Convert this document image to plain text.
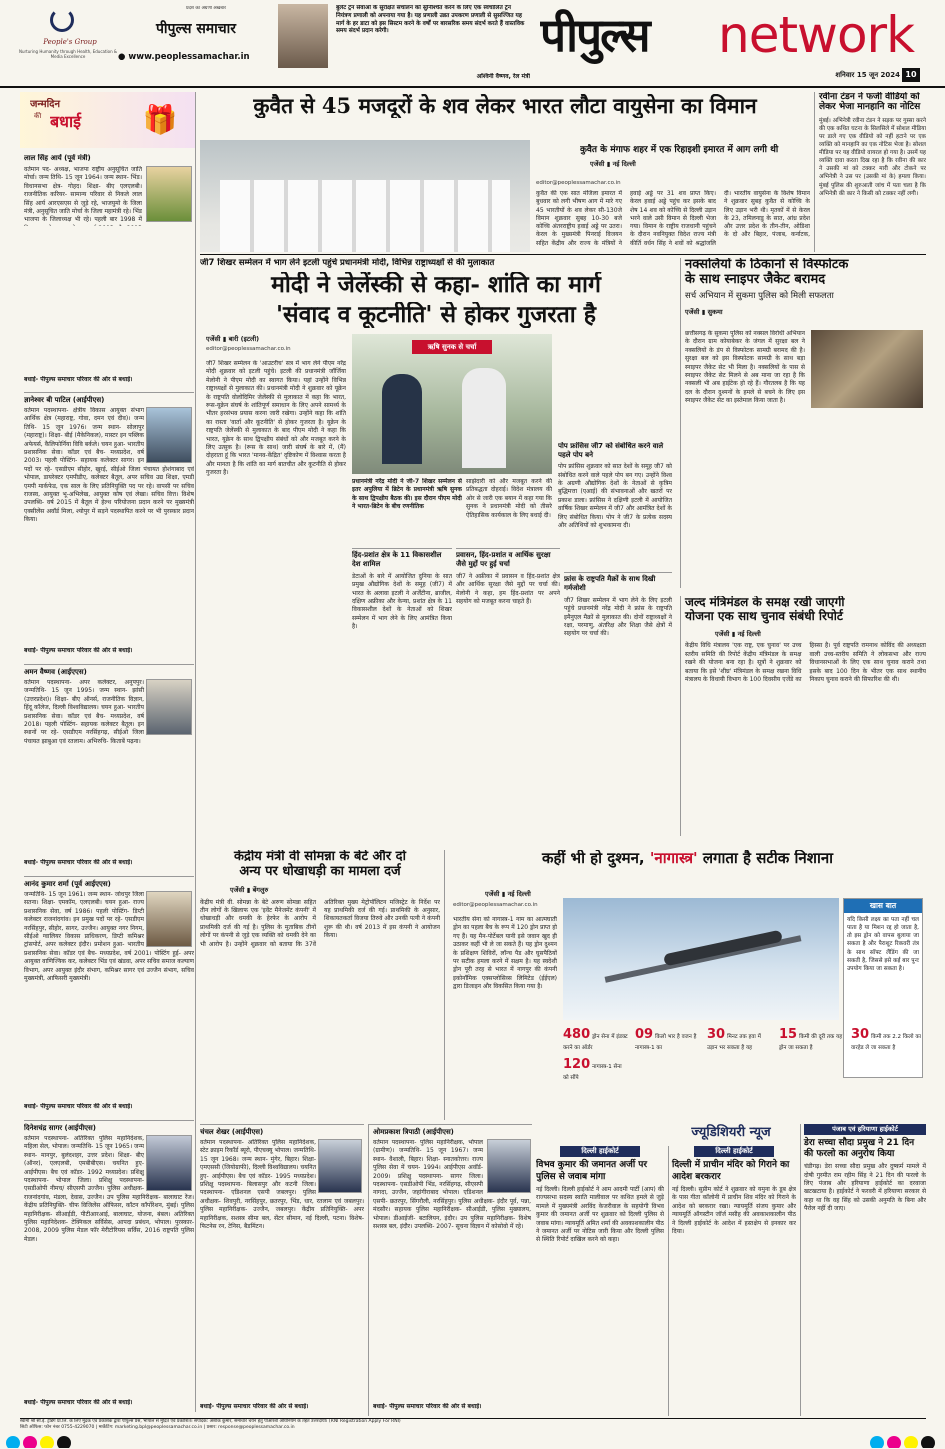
People's Group
Nurturing Humanity through Health, Education & Media Excellence
प्रदेश का अग्रणी अखबार
पीपुल्स समाचार
● www.peoplessamachar.in
बुलेट ट्रेन सेवाओं के सुरक्षित संचालन को सुनिश्चित करने के लिए एक स्वचालित ट्रेन नियंत्रण प्रणाली को अपनाया गया है। यह प्रणाली उन्नत उपकरण प्रणाली से सुसज्जित यह मार्ग के हर डाटा को इस सिस्टम करने के वर्षों पर बारसरिक समय संदर्भ करते हैं वास्तविक समय संदर्भ प्रदान करेगी।
अश्विनी वैष्णव, रेल मंत्री
पीपुल्स	network
शनिवार 15 जून 2024 10
जन्मदिन
की बधाई	🎁
लाल सिंह आर्य (पूर्व मंत्री)
वर्तमान पद- अध्यक्ष, भाजपा राष्ट्रीय अनुसूचित जाति मोर्चा। जन्म तिथि- 15 जून 1964। जन्म स्थान- भिंड। विधानसभा क्षेत्र- गोहद। शिक्षा- बीए एलएलबी। राजनीतिक करियर- सामान्य परिवार से निकले लाल सिंह आर्य आरएसएस से जुड़े रहे, भाजयुमो के जिला मंत्री, अनुसूचित जाति मोर्चा के जिला महामंत्री रहे। भिंड भाजपा के जिलाध्यक्ष भी रहे। पहली बार 1998 में
बधाई- पीपुल्स समाचार परिवार की ओर से बधाई।
ज्ञानेश्वर बी पाटिल (आईपीएस)
वर्तमान पदस्थापना- क्षेत्रीय विकास आयुक्त संभाग आर्थिक क्षेत्र (महाराष्ट्र, गोवा, दमन एवं दीव)। जन्म तिथि- 15 जून 1976। जन्म स्थान- सोलापुर (महाराष्ट्र)। शिक्षा- बीई (मैकेनिकल), मास्टर इन पब्लिक अफेयर्स, कैलिफोर्निया विवि बर्कले। चयन हुआ- भारतीय प्रशासनिक सेवा। कॉडर एवं बैच- मध्यप्रदेश, वर्ष 2003। पहली पोस्टिंग- सहायक कलेक्टर सागर। इन पदों पर रहे- एसडीएम सीहोर, खुरई, सीईओ जिला पंचायत होशंगाबाद एवं भोपाल, डायरेक्टर एमपीडीए, कलेक्टर बैतूल, अपर सचिव उद्य शिक्षा, एमडी एमपी मार्कफेड, एक साल के लिए प्रतिनियुक्ति पद पर रहे। वापसी पर सचिव राजस्व, आयुक्त भू-अभिलेख, आयुक्त कोष एवं लेखा। सचिव वित्त। विशेष उपलब्धि- वर्ष 2015 में बैतूल में हेल्थ परियोजना प्रदान करने पर मुख्यमंत्री एक्सीलेंस अवॉर्ड मिला, श्योपुर में सड़ने पदस्थापित करने पर भी पुरस्कार प्रदान किया।
बधाई- पीपुल्स समाचार परिवार की ओर से बधाई।
अमन वैष्णव (आईएएस)
वर्तमान पदस्थापना- अपर कलेक्टर, अनूपपुर। जन्मतिथि- 15 जून 1995। जन्म स्थान- झांसी (उत्तरप्रदेश)। शिक्षा- बीए ऑनर्स, राजनीतिक विज्ञान, हिंदू कॉलेज, दिल्ली विश्वविद्यालय। चयन हुआ- भारतीय प्रशासनिक सेवा। कॉडर एवं बैच- मध्यप्रदेश, वर्ष 2018। पहली पोस्टिंग- सहायक कलेक्टर बैतूल। इन स्थानों पर रहे- एसडीएम नरसिंहगढ़, सीईओ जिला पंचायत झाबुआ एवं रतलाम। अभिरुचि- किताबें पढ़ना।
बधाई- पीपुल्स समाचार परिवार की ओर से बधाई।
आनंद कुमार शर्मा (पूर्व आईएएस)
जन्मतिथि- 15 जून 1961। जन्म स्थान- जोधपुर जिला सतना। शिक्षा- एमकॉम, एलएलबी। चयन हुआ- राज्य प्रशासनिक सेवा, वर्ष 1986। पहली पोस्टिंग- डिप्टी कलेक्टर राजनांदगांव। इन प्रमुख पदों पर रहे- एसडीएम नरसिंहपुर, सीहोर, सागर, उज्जैन। आयुक्त नगर निगम, सीईओ ग्वालियर विकास प्राधिकरण, डिप्टी कमिश्नर ट्रांसपोर्ट, अपर कलेक्टर इंदौर। प्रमोशन हुआ- भारतीय प्रशासनिक सेवा। कॉडर एवं बैच- मध्यप्रदेश, वर्ष 2001। पोस्टिंग हुई- अपर आयुक्त वाणिज्यिक कर, कलेक्टर भिंड एवं खंडवा, अपर सचिव समाज कल्याण विभाग, अपर आयुक्त इंदौर संभाग, कमिश्नर सागर एवं उज्जैन संभाग, सचिव मुख्यमंत्री, आफिसरी मुख्यमंत्री।
बधाई- पीपुल्स समाचार परिवार की ओर से बधाई।
दिनेशचंद्र सागर (आईपीएस)
वर्तमान पदस्थापना- अतिरिक्त पुलिस महानिदेशक, महिला सेल, भोपाल। जन्मतिथि- 15 जून 1965। जन्म स्थान- मानपुर, बुलंदशहर, उत्तर प्रदेश। शिक्षा- बीए (ऑनर), एलएलबी, एमबीबीएस। चयनित हुए- आईपीएस। बैच एवं कॉडर- 1992 मध्यप्रदेश। प्रशिक्षु पदस्थापना- भोपाल जिला। प्रशिक्षु पदस्थापना- एसडीओपी नीमच/ सीएसपी उज्जैन। पुलिस अधीक्षक- राजनांदगांव, मंडला, देवास, उज्जैन। उप पुलिस महानिरीक्षक- बालाघाट रेंज। केंद्रीय प्रतिनियुक्ति- चीफ विजिलेंस ऑफिसर, कॉटन कॉर्पोरेशन, मुंबई। पुलिस महानिरीक्षक- सीआईडी, पीटीआरआई, बालाघाट, योजना, बंबल। अतिरिक्त पुलिस महानिदेशक- टेक्निकल सर्विसेस, आपदा प्रबंधन, भोपाल। पुरस्कार- 2008, 2009 पुलिस मेडल फॉर मेरीटोरियस सर्विस, 2016 राष्ट्रपति पुलिस मेडल।
बधाई- पीपुल्स समाचार परिवार की ओर से बधाई।
कुवैत से 45 मजदूरों के शव लेकर भारत लौटा वायुसेना का विमान
कुवैत के मंगाफ शहर में एक रिहाइशी इमारत में आग लगी थी
एजेंसी ▮ नई दिल्ली
editor@peoplessamachar.co.in
कुवैत की एक सात मंजिला इमारत में बुधवार को लगी भीषण आग में मारे गए 45 भारतीयों के शव लेकर सी-130जे विमान शुक्रवार सुबह 10-30 बजे कोच्चि अंतरराष्ट्रीय हवाई अड्डे पर उतरा। केरल के मुख्यमंत्री पिनराई विजयन सहित केंद्रीय और राज्य के मंत्रियों ने हवाई अड्डे पर 31 शव प्राप्त किए। केरल हवाई अड्डे पहुंच कर इसके बाद शेष 14 शव को कोच्चि से दिल्ली उड़ान भरने वाले उसी विमान से दिल्ली भेजा गया। विमान के राष्ट्रीय राजधानी पहुंचने के दौरान नवनियुक्त विदेश राज्य मंत्री कीर्ति वर्धन सिंह ने शवों को श्रद्धांजलि दी। भारतीय वायुसेना के विशेष विमान ने शुक्रवार सुबह कुवैत से कोच्चि के लिए उड़ान भरी थी। मृतकों में से केरल के 23, तमिलनाडु के सात, आंध्र प्रदेश और उत्तर प्रदेश के तीन-तीन, ओडिशा के दो और बिहार, पंजाब, कर्नाटक,
रवीना टंडन ने फर्जी वीडियो को लेकर भेजा मानहानि का नोटिस
मुंबई। अभिनेत्री रवीना टंडन ने सड़क पर गुस्सा करने की एक कथित घटना के सिलसिले में सोशल मीडिया पर डाले गए एक वीडियो को नहीं हटाने पर एक व्यक्ति को मानहानि का एक नोटिस भेजा है। सोशल मीडिया पर यह वीडियो वायरल हो गया है। उसमें यह व्यक्ति दावा करता दिख रहा है कि रवीना की कार ने उसकी मां को टक्कर मारी और टोकने पर अभिनेत्री ने उस पर (उसकी मां के) हमला किया। मुंबई पुलिस की शुरुआती जांच में पता चला है कि अभिनेत्री की कार ने किसी को टक्कर नहीं लगी।
जी7 शिखर सम्मेलन में भाग लेने इटली पहुंचे प्रधानमंत्री मोदी, विभिन्न राष्ट्राध्यक्षों से की मुलाकात
मोदी ने जेलेंस्की से कहा- शांति का मार्ग
'संवाद व कूटनीति' से होकर गुजरता है
एजेंसी ▮ बारी (इटली)
editor@peoplessamachar.co.in
जी7 शिखर सम्मेलन के 'आउटरीच' सत्र में भाग लेने पीएम नरेंद्र मोदी शुक्रवार को इटली पहुंचे। इटली की प्रधानमंत्री जॉर्जिया मेलोनी ने पीएम मोदी का स्वागत किया। यहां उन्होंने विभिन्न राष्ट्राध्यक्षों से मुलाकात की। प्रधानमंत्री मोदी ने शुक्रवार को यूक्रेन के राष्ट्रपति वोलोदिमिर जेलेंस्की से मुलाकात में कहा कि भारत, रूस-यूक्रेन संघर्ष के शांतिपूर्ण समाधान के लिए अपने सामर्थ्य के भीतर हरसंभव प्रयास करना जारी रखेगा। उन्होंने कहा कि शांति का रास्ता 'वार्ता और कूटनीति' से होकर गुजरता है। यूक्रेन के राष्ट्रपति जेलेंस्की से मुलाकात के बाद पीएम मोदी ने कहा कि भारत, यूक्रेन के साथ द्विपक्षीय संबंधों को और मजबूत करने के लिए उत्सुक है। (रूस के साथ) जारी संघर्ष के बारे में, (मैं) दोहराता हूं कि भारत 'मानव-केंद्रित' दृष्टिकोण में विश्वास करता है और मानता है कि शांति का मार्ग बातचीत और कूटनीति से होकर गुजरता है।
ऋषि सुनक से चर्चा
प्रधानमंत्री नरेंद्र मोदी ने जी-7 शिखर सम्मेलन से इतर अपुलिया में ब्रिटेन के प्रधानमंत्री ऋषि सुनक के साथ द्विपक्षीय बैठक की। इस दौरान पीएम मोदी ने भारत-ब्रिटेन के बीच रणनीतिक
साझेदारी को और मजबूत करने की प्रतिबद्धता दोहराई। विदेश मंत्रालय की ओर से जारी एक बयान में कहा गया कि सुनक ने प्रधानमंत्री मोदी को तीसरे ऐतिहासिक कार्यकाल के लिए बधाई दी।
पोप फ्रांसिस जी7 को संबोधित करने वाले पहले पोप बने
पोप फ्रांसिस शुक्रवार को सात देशों के समूह जी7 को संबोधित करने वाले पहले पोप बन गए। उन्होंने विश्व के अग्रणी औद्योगिक देशों के नेताओं से कृत्रिम बुद्धिमत्ता (एआई) की संभावनाओं और खतरों पर प्रकाश डाला। फ्रांसिस ने दक्षिणी इटली में आयोजित वार्षिक शिखर सम्मेलन में जी7 और आमंत्रित देशों के लिए संबोधित किया। पोप ने जी7 के प्रत्येक सदस्य और अतिथियों को शुभकामना दी।
हिंद-प्रशांत क्षेत्र के 11 विकासशील देश शामिल
डेटाओं के बारे में आयोजित दुनिया के सात प्रमुख औद्योगिक देशों के समूह (जी7) में भारत के अलावा इटली ने अर्जेंटीना, ब्राजील, दक्षिण अफ्रीका और केन्या, प्रशांत क्षेत्र के 11 विकासशील देशों के नेताओं को शिखर सम्मेलन में भाग लेने के लिए आमंत्रित किया है।
प्रवासन, हिंद-प्रशांत व आर्थिक सुरक्षा जैसे मुद्दों पर हुई चर्चा
जी7 ने अफ्रीका में प्रवासन व हिंद-प्रशांत क्षेत्र और आर्थिक सुरक्षा जैसे मुद्दों पर चर्चा की। मेलोनी ने कहा, हम हिंद-प्रशांत पर अपने सहयोग को मजबूत करना चाहते हैं।
फ्रांस के राष्ट्रपति मैक्रों के साथ दिखी गर्मजोशी
जी7 शिखर सम्मेलन में भाग लेने के लिए इटली पहुंचे प्रधानमंत्री नरेंद्र मोदी ने फ्रांस के राष्ट्रपति इमैनुएल मैक्रों से मुलाकात की। दोनों राष्ट्राध्यक्षों ने रक्षा, परमाणु, अंतरिक्ष और शिक्षा जैसे क्षेत्रों में सहयोग पर चर्चा की।
नक्सलियों के ठिकानों से विस्फोटक
के साथ स्नाइपर जैकेट बरामद
सर्च अभियान में सुकमा पुलिस को मिली सफलता
एजेंसी ▮ सुकमा
छत्तीसगढ़ के सुकमा पुलिस को नक्सल विरोधी अभियान के दौरान ग्राम कोयाबेकर के जंगल में सुरक्षा बल ने नक्सलियों के डंप से विस्फोटक सामग्री बरामद की है। सुरक्षा बल को इस विस्फोटक सामग्री के साथ बड़ा स्नाइपर जैकेट सेट भी मिला है। नक्सलियों के पास से स्नाइपर जैकेट सेट मिलने से अब माना जा रहा है कि नक्सली भी अब हाईटेक हो रहे हैं। गौरतलब है कि यह दल के दौरान दुश्मनों के हमले से बचने के लिए इस स्नाइपर जैकेट सेट का इस्तेमाल किया जाता है।
जल्द मंत्रिमंडल के समक्ष रखी जाएगी
योजना एक साथ चुनाव संबंधी रिपोर्ट
एजेंसी ▮ नई दिल्ली
केंद्रीय विधि मंत्रालय 'एक राष्ट्र, एक चुनाव' पर उच्च स्तरीय समिति की रिपोर्ट केंद्रीय मंत्रिमंडल के समक्ष रखने की योजना बना रहा है। सूत्रों ने शुक्रवार को बताया कि इसे 'शीघ्र' मंत्रिमंडल के समक्ष रखना विधि मंत्रालय के विधायी विभाग के 100 दिवसीय एजेंडे का हिस्सा है। पूर्व राष्ट्रपति रामनाथ कोविंद की अध्यक्षता वाली उच्च-स्तरीय समिति ने लोकसभा और राज्य विधानसभाओं के लिए एक साथ चुनाव कराने तथा इसके बाद 100 दिन के भीतर एक साथ स्थानीय निकाय चुनाव कराने की सिफारिश की थी।
केंद्रीय मंत्री वी सोमन्ना के बेटे और दो
अन्य पर धोखाधड़ी का मामला दर्ज
एजेंसी ▮ बेंगलुरु
केंद्रीय मंत्री वी. सोमन्ना के बेटे अरुण सोमन्ना सहित तीन लोगों के खिलाफ एक 'इवेंट मैनेजमेंट कंपनी' में धोखाधड़ी और धमकी के हेरफेर के आरोप में प्राथमिकी दर्ज की गई है। पुलिस के मुताबिक तीनों लोगों पर कंपनी से जुड़े एक व्यक्ति को धमकी देने का भी आरोप है। उन्होंने शुक्रवार को बताया कि 37वें अतिरिक्त मुख्य मेट्रोपॉलिटन मजिस्ट्रेट के निर्देश पर यह प्राथमिकी दर्ज की गई। प्राथमिकी के अनुसार, शिकायतकर्ता विजया तिरुवे और उनकी पत्नी ने कंपनी शुरू की थी। वर्ष 2013 में इस कंपनी ने आयोजन किया।
कहीं भी हो दुश्मन, 'नागास्त्र' लगाता है सटीक निशाना
एजेंसी ▮ नई दिल्ली
editor@peoplessamachar.co.in
भारतीय सेना को नागास्त्र-1 नाम का आत्मघाती ड्रोन का पहला बैच के रूप में 120 ड्रोन प्राप्त हो गए हैं। यह मैन-पोर्टेबल यानी इसे जवान खुद ही उठाकर कहीं भी ले जा सकते हैं। यह ड्रोन दुश्मन के प्रशिक्षण शिविरों, लॉन्च पैड और घुसपैठियों पर सटीक हमला करने में सक्षम है। यह स्वदेशी ड्रोन पूरी तरह से भारत में नागपुर की कंपनी इकोनॉमिक एक्सप्लोसिव्स लिमिटेड (ईईएल) द्वारा डिजाइन और विकसित किया गया है।
खास बात
यदि किसी लक्ष्य का पता नहीं चल पाता है या मिशन रद्द हो जाता है, तो इस ड्रोन को वापस बुलाया जा सकता है और पैराशूट रिकवरी तंत्र के साथ सॉफ्ट लैंडिंग की जा सकती है, जिससे इसे कई बार पुनः उपयोग किया जा सकता है।
480 ड्रोन सेना में इंडक्ट करने का ऑर्डर
120 नागास्त्र-1 सेना को सौंपे
09 किलो भार है वजन है नागास्त्र-1 का
30 मिनट तक हवा में उड़ान भर सकता है यह
15 किमी की दूरी तक यह ड्रोन जा सकता है
30 किमी तक 2.2 किलो का वारहेड ले जा सकता है
चंचल शेखर (आईपीएस)
वर्तमान पदस्थापना- अतिरिक्त पुलिस महानिदेशक, स्टेट क्राइम रिकॉर्ड ब्यूरो, पीएचक्यू भोपाल। जन्मतिथि- 15 जून 1968। जन्म स्थान- मुंगेर, बिहार। शिक्षा- एमएससी (जियोग्राफी), दिल्ली विश्वविद्यालय। चयनित हुए- आईपीएस। बैच एवं कॉडर- 1995 मध्यप्रदेश। प्रशिक्षु पदस्थापना- बिलासपुर और कटनी जिला। पदस्थापना- एडिशनल एसपी जबलपुर। पुलिस अधीक्षक- शिवपुरी, नरसिंहपुर, छतरपुर, भिंड, धार, रतलाम एवं जबलपुर। पुलिस महानिरीक्षक- उज्जैन, जबलपुर। केंद्रीय प्रतिनियुक्ति- अपर महानिरीक्षक, सशस्त्र सीमा बल, सेंटर सीमान, नई दिल्ली, पटना। विशेष- फिटनेस रन, टेनिस, बैडमिंटन।
बधाई- पीपुल्स समाचार परिवार की ओर से बधाई।
ओमप्रकाश त्रिपाठी (आईपीएस)
वर्तमान पदस्थापना- पुलिस महानिरीक्षक, भोपाल (ग्रामीण)। जन्मतिथि- 15 जून 1967। जन्म स्थान- वैशाली, बिहार। शिक्षा- स्नातकोत्तर। राज्य पुलिस सेवा में चयन- 1994। आईपीएस अवॉर्ड- 2009। प्रशिक्षु पदस्थापना- सागर जिला। पदस्थापना- एसडीओपी भिंड, नरसिंहगढ़, सीएसपी नागदा, उज्जैन, जहांगीराबाद भोपाल। एडिशनल एसपी- छतरपुर, सिंगरौली, नरसिंहपुर। पुलिस अधीक्षक- इंदौर पूर्व, पन्ना, मंदसौर। सहायक पुलिस महानिरीक्षक- सीआईडी, पुलिस मुख्यालय, भोपाल। डीआईजी- बटालियन, इंदौर। उप पुलिस महानिरीक्षक- विशेष सशस्त्र बल, इंदौर। उपलब्धि- 2007- सूचना विज्ञान में कोसोवो में रहे।
बधाई- पीपुल्स समाचार परिवार की ओर से बधाई।
ज्यूडिशियरी न्यूज
दिल्ली हाईकोर्ट
विभव कुमार की जमानत अर्जी पर पुलिस से जवाब मांगा
नई दिल्ली। दिल्ली हाईकोर्ट ने आम आदमी पार्टी (आप) की राज्यसभा सदस्य स्वाति मालीवाल पर कथित हमले से जुड़े मामले में मुख्यमंत्री अरविंद केजरीवाल के सहयोगी विभव कुमार की जमानत अर्जी पर शुक्रवार को दिल्ली पुलिस से जवाब मांगा। न्यायमूर्ति अमित शर्मा की अवकाशकालीन पीठ ने जमानत अर्जी पर नोटिस जारी किया और दिल्ली पुलिस से स्थिति रिपोर्ट दाखिल करने को कहा।
दिल्ली हाईकोर्ट
दिल्ली में प्राचीन मंदिर को गिराने का आदेश बरकरार
नई दिल्ली। सुप्रीम कोर्ट ने शुक्रवार को यमुना के डूब क्षेत्र के पास गीता कॉलोनी में प्राचीन शिव मंदिर को गिराने के आदेश को बरकरार रखा। न्यायमूर्ति संजय कुमार और न्यायमूर्ति ऑगस्टीन जॉर्ज मसीह की अवकाशकालीन पीठ ने दिल्ली हाईकोर्ट के आदेश में हस्तक्षेप से इनकार कर दिया।
पंजाब एवं हरियाणा हाईकोर्ट
डेरा सच्चा सौदा प्रमुख ने 21 दिन की फरलो का अनुरोध किया
चंडीगढ़। डेरा सच्चा सौदा प्रमुख और दुष्कर्म मामले में दोषी गुरमीत राम रहीम सिंह ने 21 दिन की फरलो के लिए पंजाब और हरियाणा हाईकोर्ट का दरवाजा खटखटाया है। हाईकोर्ट ने फरवरी में हरियाणा सरकार से कहा था कि वह सिंह को उसकी अनुमति के बिना और पैरोल नहीं दी जाए।
स्वामी श्री सी.ई. ट्रेडिंग प्रा.लि. के लिए मुद्रक एवं प्रकाशक द्वारा पीपुल्स प्रेस, भोपाल से मुद्रित एवं प्रकाशित। संपादक: अशोक कुमार, समाचार चयन हेतु पीआरबी अधिनियम के तहत उत्तरदायी। (RNI Registration Apply For RNI)
सिटी ऑफिस: फोन नंबर 0755-4229070 | मार्केटिंग: marketing.bpl@peoplessamachar.co.in | प्रसार: response@peoplessamachar.co.in
